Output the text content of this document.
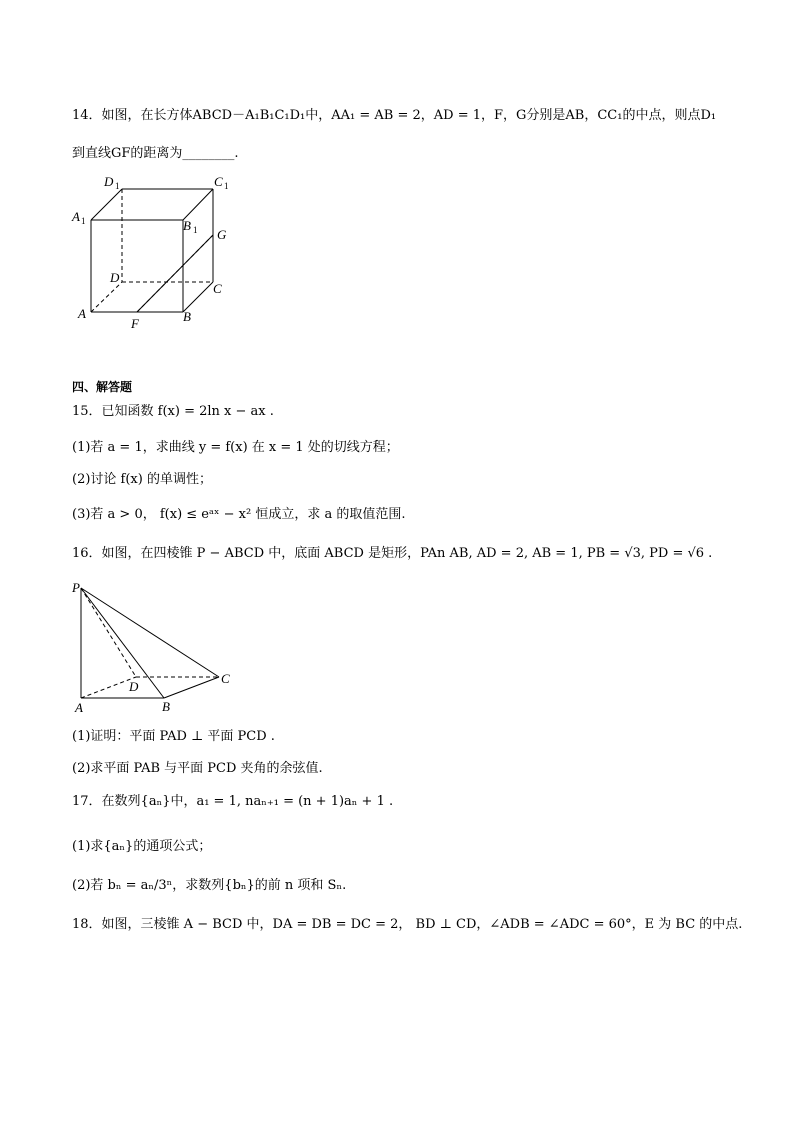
14．如图，在长方体ABCD－A₁B₁C₁D₁中，AA₁ = AB = 2，AD = 1，F，G分别是AB，CC₁的中点，则点D₁
到直线GF的距离为________.
D 1	C 1
A 1	B 1 G
D
C
A
F	B
四、解答题
15．已知函数 f(x) = 2ln x − ax .
(1)若 a = 1，求曲线 y = f(x) 在 x = 1 处的切线方程；
(2)讨论 f(x) 的单调性；
(3)若 a > 0， f(x) ≤ eᵃˣ − x² 恒成立，求 a 的取值范围.
16．如图，在四棱锥 P − ABCD 中，底面 ABCD 是矩形，PAn AB, AD = 2, AB = 1, PB = √3, PD = √6 .
P
D
C
A	B
(1)证明：平面 PAD ⊥ 平面 PCD .
(2)求平面 PAB 与平面 PCD 夹角的余弦值.
17．在数列{aₙ}中，a₁ = 1, naₙ₊₁ = (n + 1)aₙ + 1 .
(1)求{aₙ}的通项公式；
(2)若 bₙ = aₙ/3ⁿ，求数列{bₙ}的前 n 项和 Sₙ.
18．如图，三棱锥 A − BCD 中，DA = DB = DC = 2， BD ⊥ CD，∠ADB = ∠ADC = 60°，E 为 BC 的中点.
